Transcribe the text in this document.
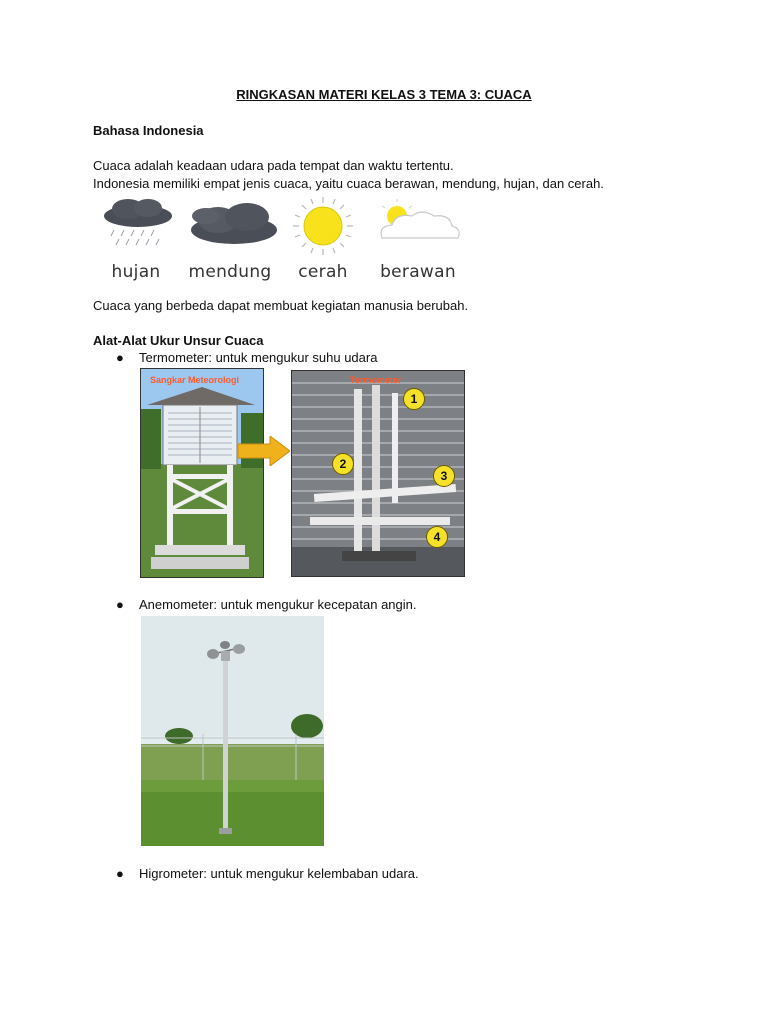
RINGKASAN MATERI KELAS 3 TEMA 3: CUACA
Bahasa Indonesia
Cuaca adalah keadaan udara pada tempat dan waktu tertentu.
Indonesia memiliki empat jenis cuaca, yaitu cuaca berawan, mendung, hujan, dan cerah.
hujan	mendung	cerah	berawan
Cuaca yang berbeda dapat membuat kegiatan manusia berubah.
Alat-Alat Ukur Unsur Cuaca
● Termometer: untuk mengukur suhu udara
Sangkar Meteorologi	Termometer
1
2
3
4
● Anemometer: untuk mengukur kecepatan angin.
● Higrometer: untuk mengukur kelembaban udara.
